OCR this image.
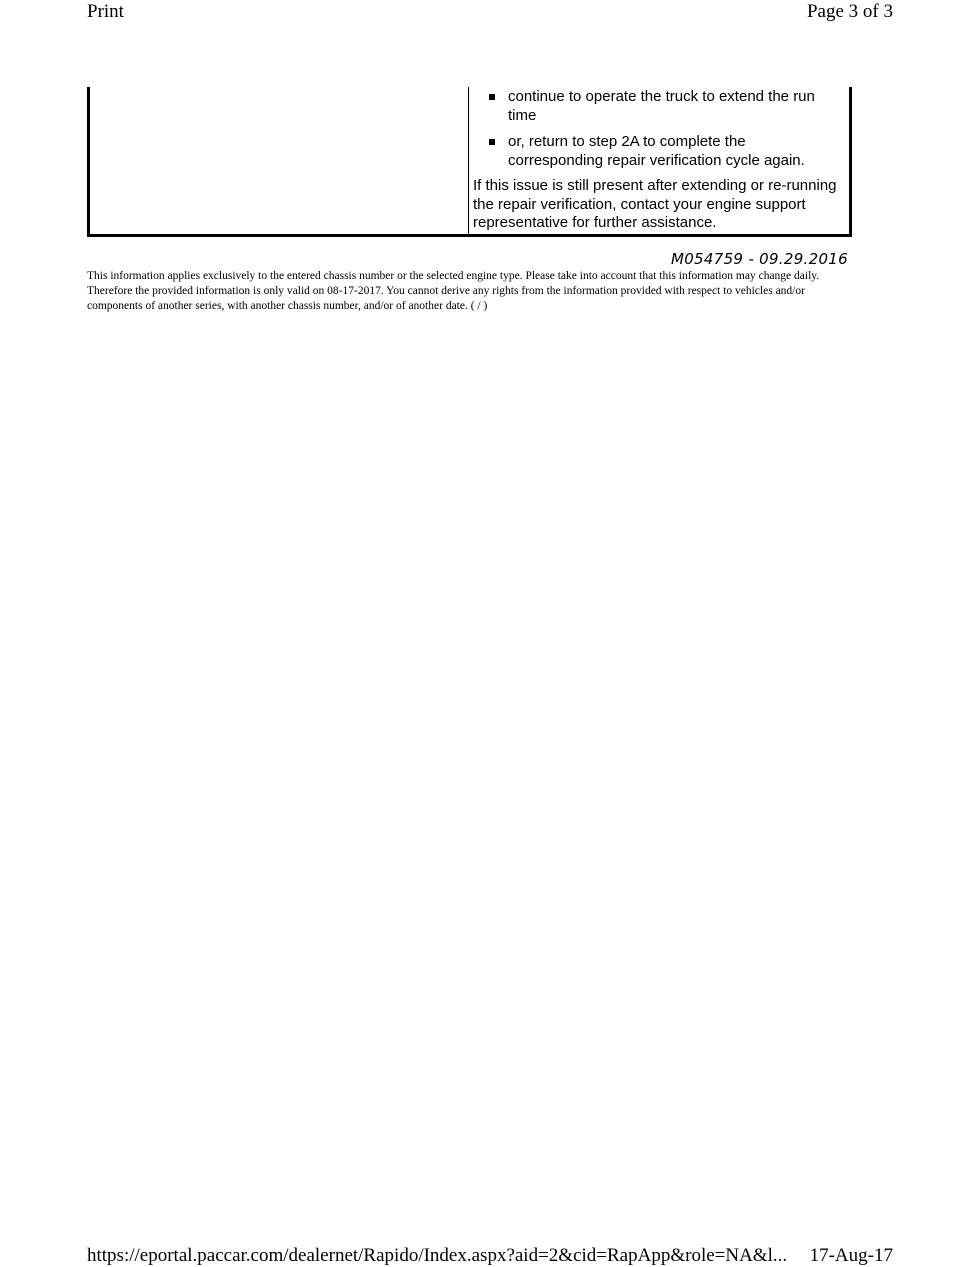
Print	Page 3 of 3
continue to operate the truck to extend the run time
or, return to step 2A to complete the corresponding repair verification cycle again.
If this issue is still present after extending or re-running the repair verification, contact your engine support representative for further assistance.
M054759 - 09.29.2016
This information applies exclusively to the entered chassis number or the selected engine type. Please take into account that this information may change daily. Therefore the provided information is only valid on 08-17-2017. You cannot derive any rights from the information provided with respect to vehicles and/or components of another series, with another chassis number, and/or of another date. ( / )
https://eportal.paccar.com/dealernet/Rapido/Index.aspx?aid=2&cid=RapApp&role=NA&l... 17-Aug-17
